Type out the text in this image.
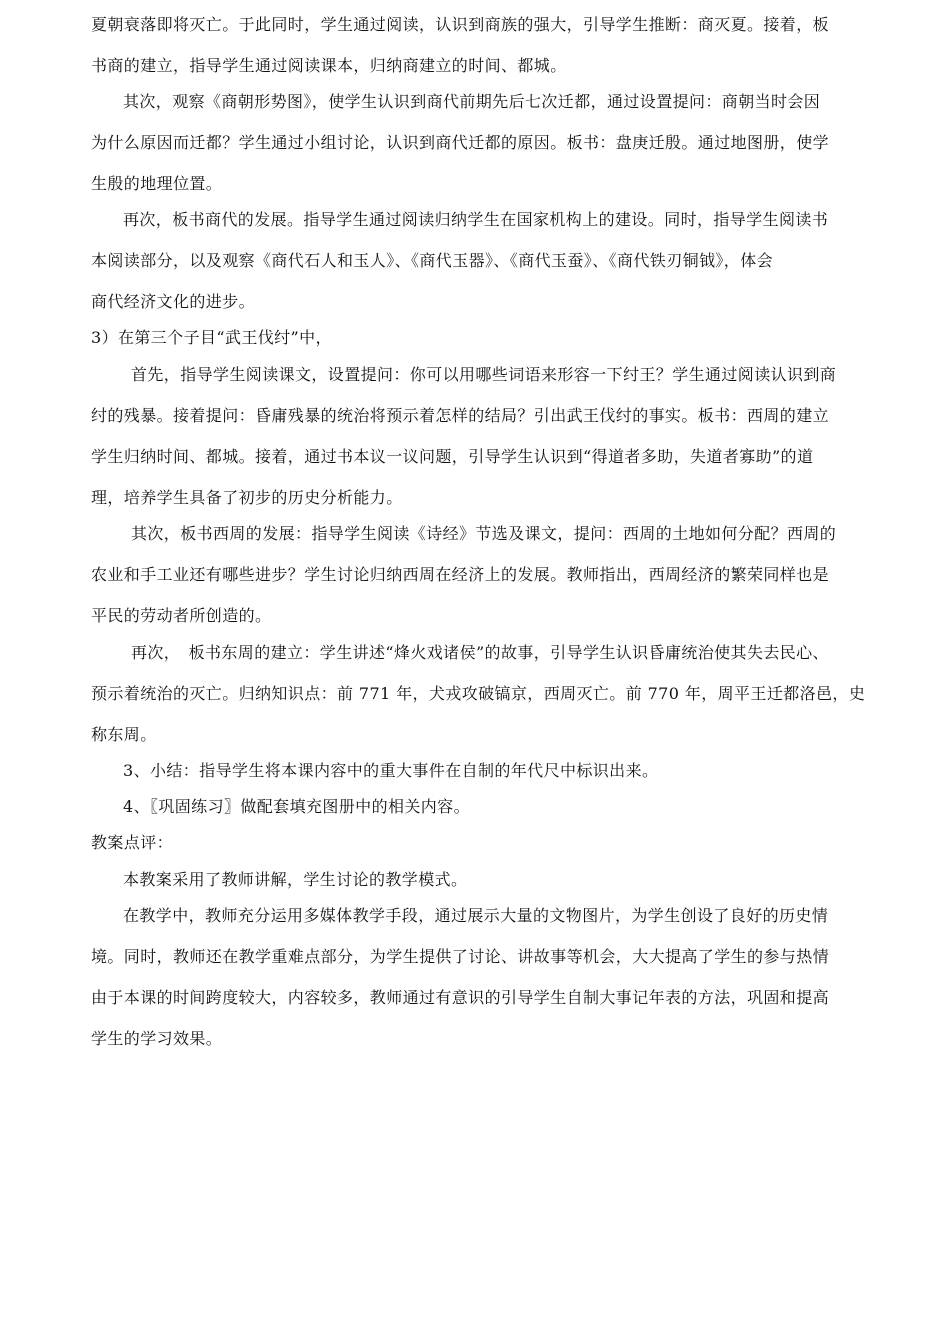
夏朝衰落即将灭亡。于此同时，学生通过阅读，认识到商族的强大，引导学生推断：商灭夏。接着，板
书商的建立，指导学生通过阅读课本，归纳商建立的时间、都城。
其次，观察《商朝形势图》，使学生认识到商代前期先后七次迁都，通过设置提问：商朝当时会因
为什么原因而迁都？学生通过小组讨论，认识到商代迁都的原因。板书：盘庚迁殷。通过地图册，使学
生殷的地理位置。
再次，板书商代的发展。指导学生通过阅读归纳学生在国家机构上的建设。同时，指导学生阅读书
本阅读部分，以及观察《商代石人和玉人》、《商代玉器》、《商代玉蚕》、《商代铁刃铜钺》，体会
商代经济文化的进步。
3）在第三个子目“武王伐纣”中，
首先，指导学生阅读课文，设置提问：你可以用哪些词语来形容一下纣王？学生通过阅读认识到商
纣的残暴。接着提问：昏庸残暴的统治将预示着怎样的结局？引出武王伐纣的事实。板书：西周的建立
学生归纳时间、都城。接着，通过书本议一议问题，引导学生认识到“得道者多助，失道者寡助”的道
理，培养学生具备了初步的历史分析能力。
其次，板书西周的发展：指导学生阅读《诗经》节选及课文，提问：西周的土地如何分配？西周的
农业和手工业还有哪些进步？学生讨论归纳西周在经济上的发展。教师指出，西周经济的繁荣同样也是
平民的劳动者所创造的。
再次，　板书东周的建立：学生讲述“烽火戏诸侯”的故事，引导学生认识昏庸统治使其失去民心、
预示着统治的灭亡。归纳知识点：前 771 年，犬戎攻破镐京，西周灭亡。前 770 年，周平王迁都洛邑，史
称东周。
3、小结：指导学生将本课内容中的重大事件在自制的年代尺中标识出来。
4、〖巩固练习〗做配套填充图册中的相关内容。
教案点评：
本教案采用了教师讲解，学生讨论的教学模式。
在教学中，教师充分运用多媒体教学手段，通过展示大量的文物图片，为学生创设了良好的历史情
境。同时，教师还在教学重难点部分，为学生提供了讨论、讲故事等机会，大大提高了学生的参与热情
由于本课的时间跨度较大，内容较多，教师通过有意识的引导学生自制大事记年表的方法，巩固和提高
学生的学习效果。
